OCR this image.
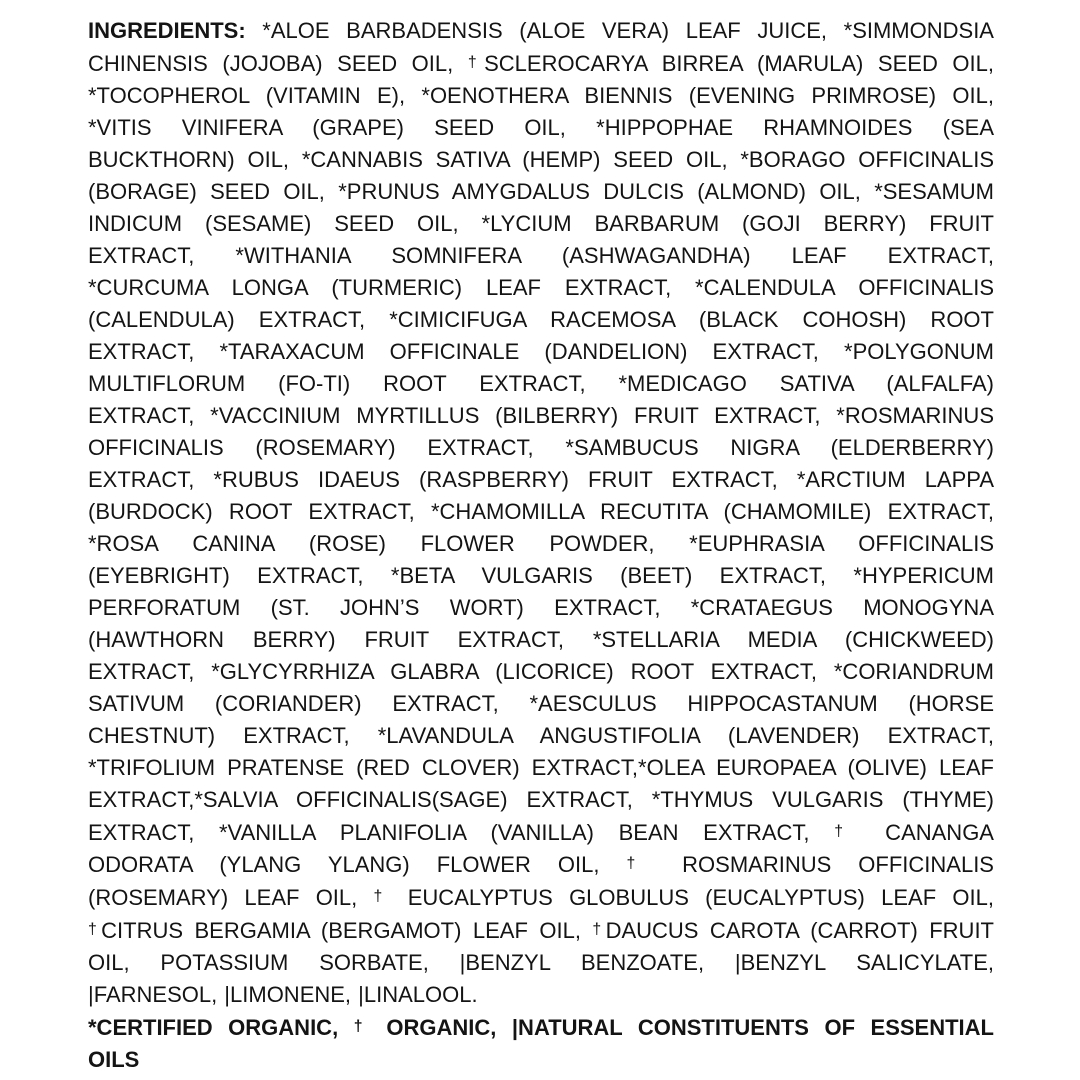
INGREDIENTS: *ALOE BARBADENSIS (ALOE VERA) LEAF JUICE, *SIMMONDSIA
CHINENSIS (JOJOBA) SEED OIL, †SCLEROCARYA BIRREA (MARULA) SEED OIL,
*TOCOPHEROL (VITAMIN E), *OENOTHERA BIENNIS (EVENING PRIMROSE) OIL,
*VITIS VINIFERA (GRAPE) SEED OIL, *HIPPOPHAE RHAMNOIDES (SEA
BUCKTHORN) OIL, *CANNABIS SATIVA (HEMP) SEED OIL, *BORAGO OFFICINALIS
(BORAGE) SEED OIL, *PRUNUS AMYGDALUS DULCIS (ALMOND) OIL, *SESAMUM
INDICUM (SESAME) SEED OIL, *LYCIUM BARBARUM (GOJI BERRY) FRUIT
EXTRACT, *WITHANIA SOMNIFERA (ASHWAGANDHA) LEAF EXTRACT,
*CURCUMA LONGA (TURMERIC) LEAF EXTRACT, *CALENDULA OFFICINALIS
(CALENDULA) EXTRACT, *CIMICIFUGA RACEMOSA (BLACK COHOSH) ROOT
EXTRACT, *TARAXACUM OFFICINALE (DANDELION) EXTRACT, *POLYGONUM
MULTIFLORUM (FO-TI) ROOT EXTRACT, *MEDICAGO SATIVA (ALFALFA)
EXTRACT, *VACCINIUM MYRTILLUS (BILBERRY) FRUIT EXTRACT, *ROSMARINUS
OFFICINALIS (ROSEMARY) EXTRACT, *SAMBUCUS NIGRA (ELDERBERRY)
EXTRACT, *RUBUS IDAEUS (RASPBERRY) FRUIT EXTRACT, *ARCTIUM LAPPA
(BURDOCK) ROOT EXTRACT, *CHAMOMILLA RECUTITA (CHAMOMILE) EXTRACT,
*ROSA CANINA (ROSE) FLOWER POWDER, *EUPHRASIA OFFICINALIS
(EYEBRIGHT) EXTRACT, *BETA VULGARIS (BEET) EXTRACT, *HYPERICUM
PERFORATUM (ST. JOHN’S WORT) EXTRACT, *CRATAEGUS MONOGYNA
(HAWTHORN BERRY) FRUIT EXTRACT, *STELLARIA MEDIA (CHICKWEED)
EXTRACT, *GLYCYRRHIZA GLABRA (LICORICE) ROOT EXTRACT, *CORIANDRUM
SATIVUM (CORIANDER) EXTRACT, *AESCULUS HIPPOCASTANUM (HORSE
CHESTNUT) EXTRACT, *LAVANDULA ANGUSTIFOLIA (LAVENDER) EXTRACT,
*TRIFOLIUM PRATENSE (RED CLOVER) EXTRACT,*OLEA EUROPAEA (OLIVE) LEAF
EXTRACT,*SALVIA OFFICINALIS(SAGE) EXTRACT, *THYMUS VULGARIS (THYME)
EXTRACT, *VANILLA PLANIFOLIA (VANILLA) BEAN EXTRACT, † CANANGA
ODORATA (YLANG YLANG) FLOWER OIL, † ROSMARINUS OFFICINALIS
(ROSEMARY) LEAF OIL, † EUCALYPTUS GLOBULUS (EUCALYPTUS) LEAF OIL,
†CITRUS BERGAMIA (BERGAMOT) LEAF OIL, †DAUCUS CAROTA (CARROT) FRUIT
OIL, POTASSIUM SORBATE, |BENZYL BENZOATE, |BENZYL SALICYLATE,
|FARNESOL, |LIMONENE, |LINALOOL.
*CERTIFIED ORGANIC, † ORGANIC, |NATURAL CONSTITUENTS OF ESSENTIAL
OILS
